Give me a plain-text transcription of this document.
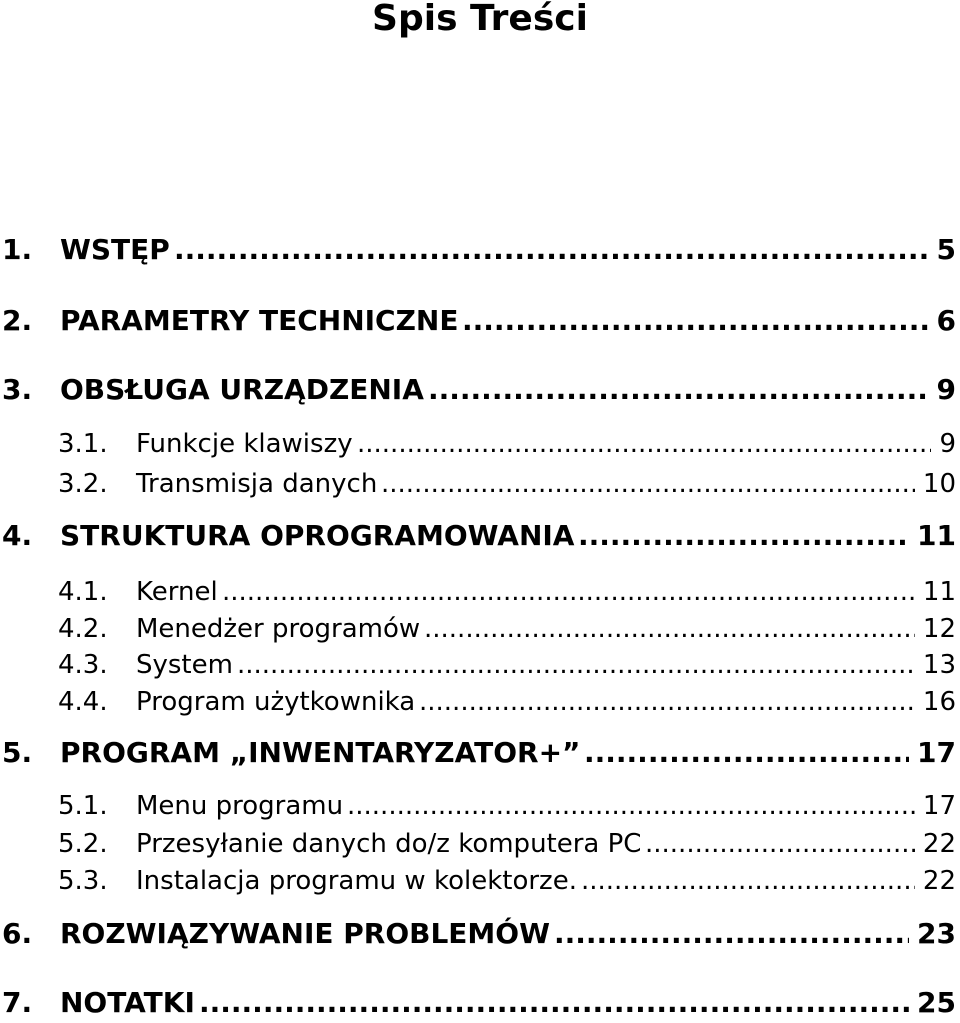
Spis Treści
1. WSTĘP .....	5
2. PARAMETRY TECHNICZNE .....	6
3. OBSŁUGA URZĄDZENIA .....	9
3.1. Funkcje klawiszy .....	9
3.2. Transmisja danych .....	10
4. STRUKTURA OPROGRAMOWANIA .....	11
4.1. Kernel .....	11
4.2. Menedżer programów .....	12
4.3. System .....	13
4.4. Program użytkownika .....	16
5. PROGRAM „INWENTARYZATOR+” .....	17
5.1. Menu programu .....	17
5.2. Przesyłanie danych do/z komputera PC .....	22
5.3. Instalacja programu w kolektorze. .....	22
6. ROZWIĄZYWANIE PROBLEMÓW .....	23
7. NOTATKI .....	25
